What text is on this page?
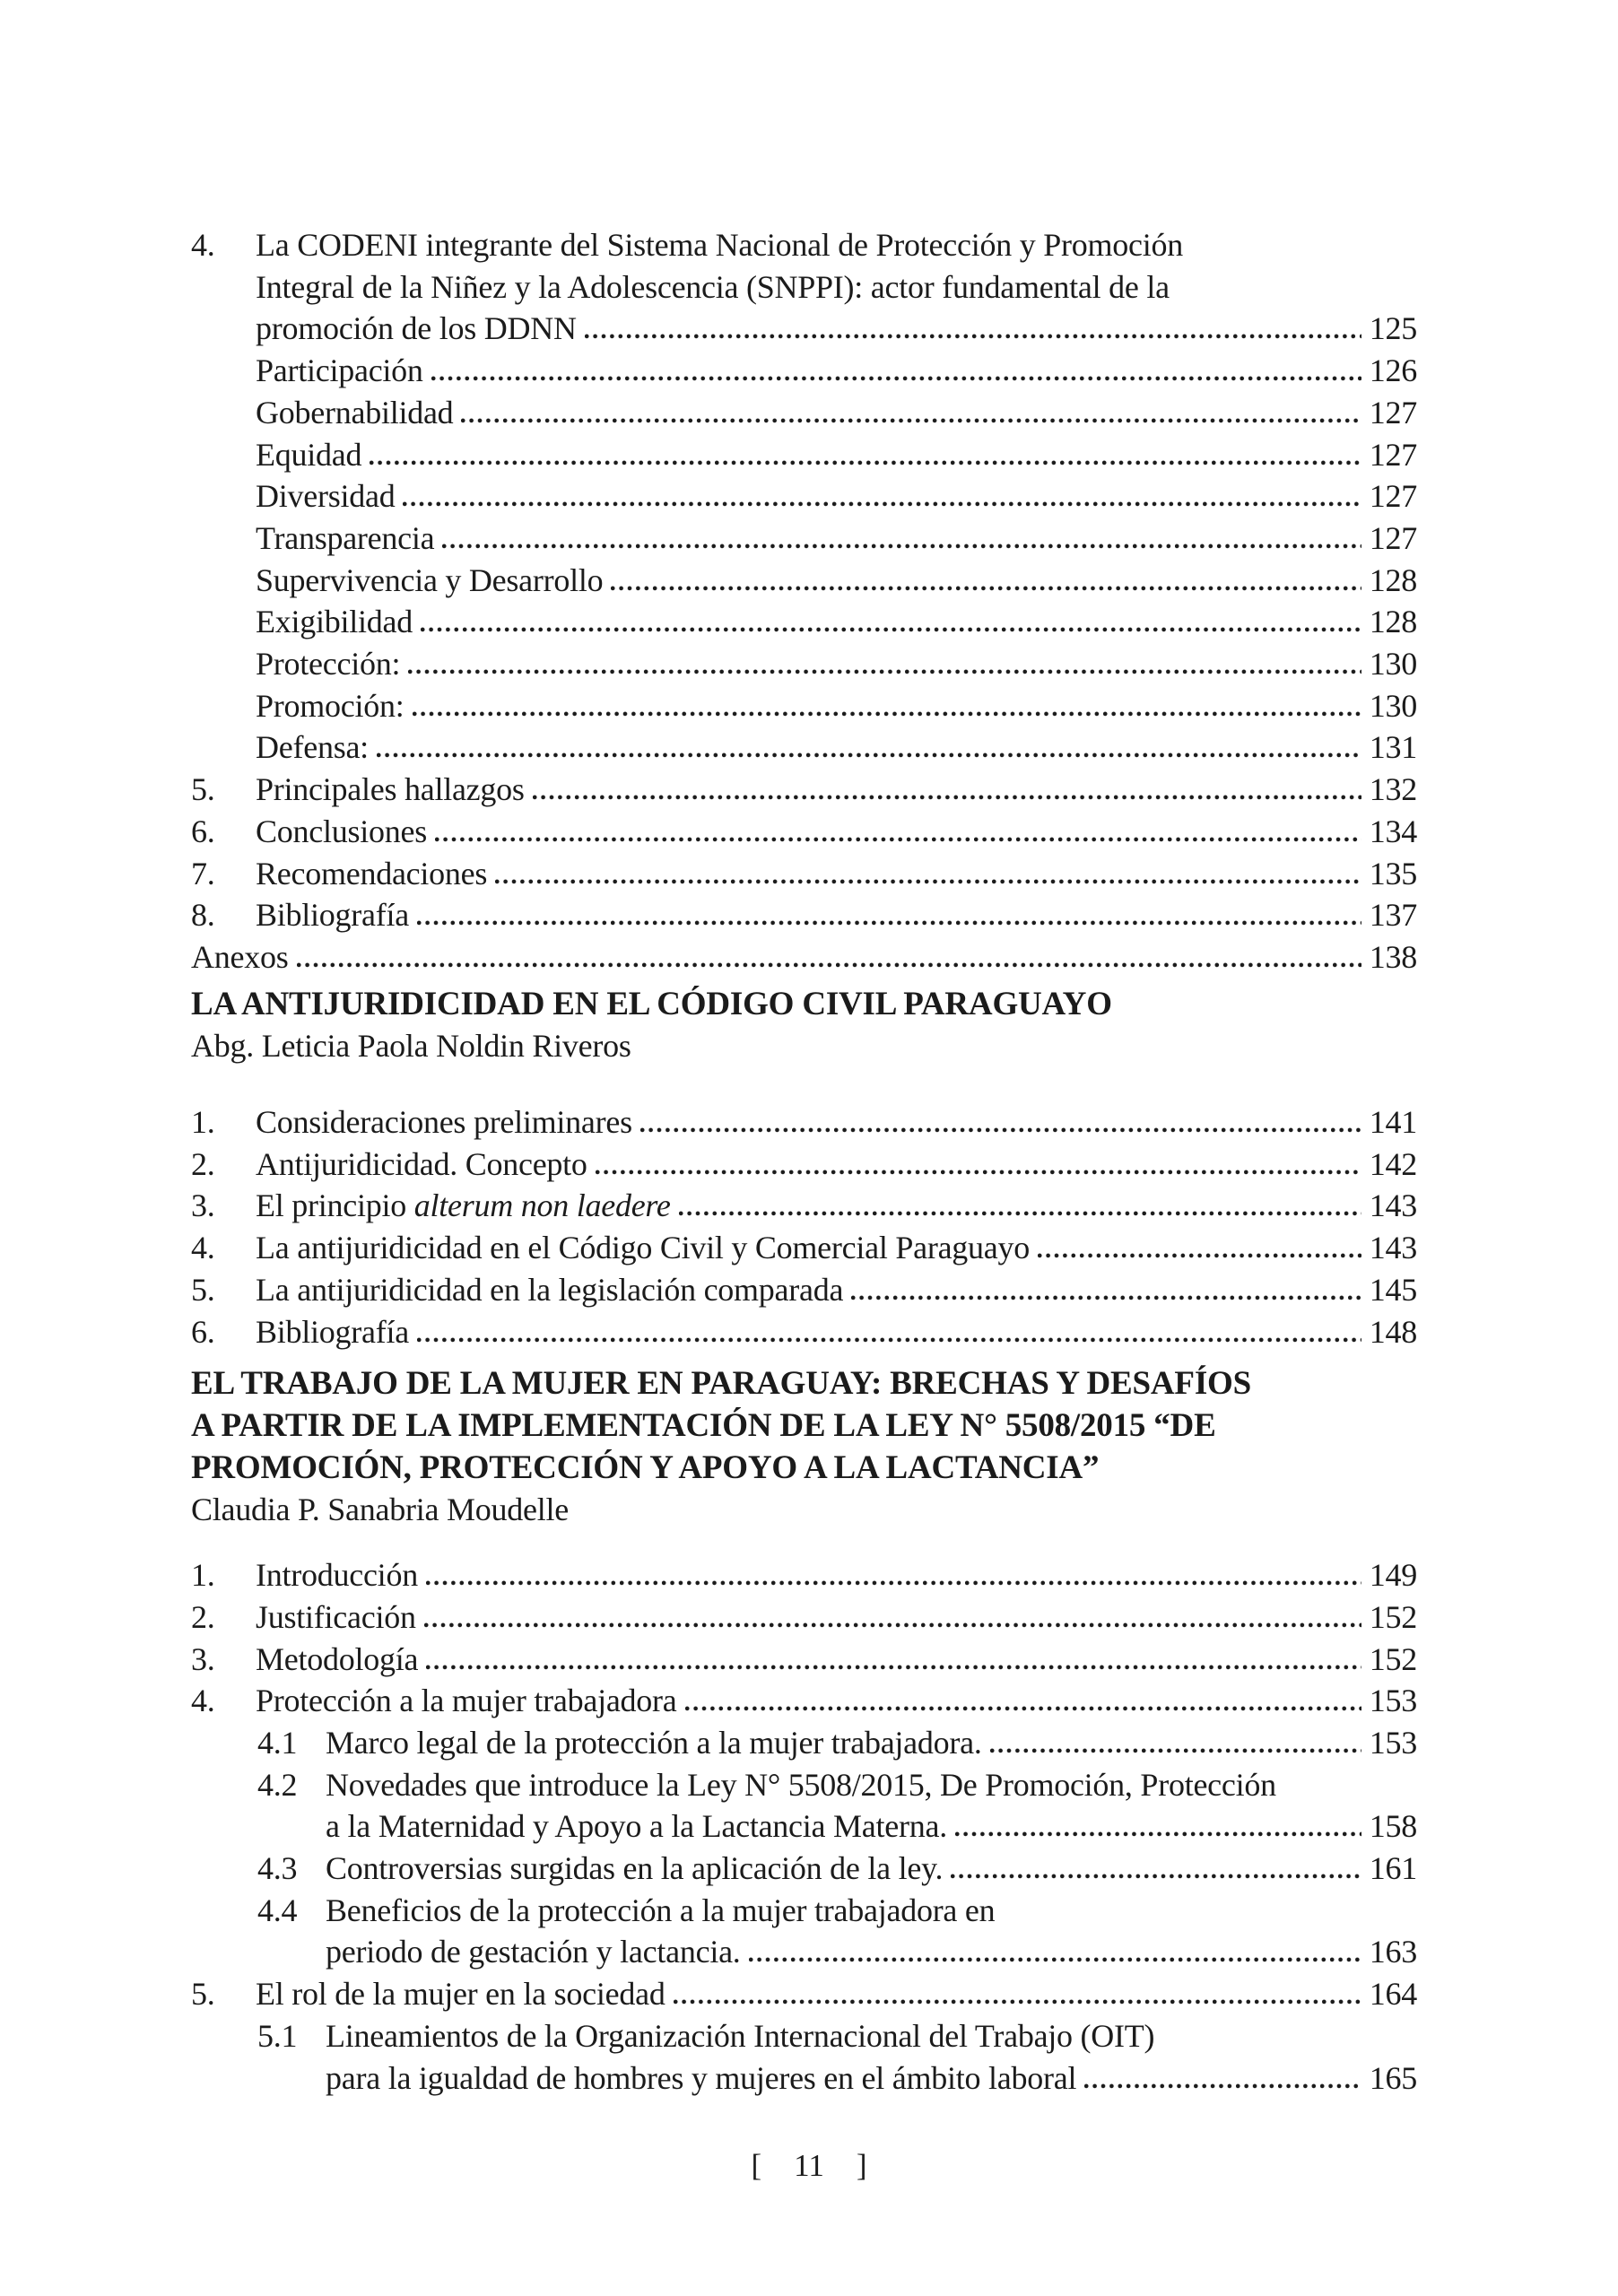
4.	La CODENI integrante del Sistema Nacional de Protección y Promoción
Integral de la Niñez y la Adolescencia (SNPPI): actor fundamental de la
promoción de los DDNN	125
Participación	126
Gobernabilidad	127
Equidad	127
Diversidad	127
Transparencia	127
Supervivencia y Desarrollo	128
Exigibilidad	128
Protección:	130
Promoción:	130
Defensa:	131
5.	Principales hallazgos	132
6.	Conclusiones	134
7.	Recomendaciones	135
8.	Bibliografía	137
Anexos	138
LA ANTIJURIDICIDAD EN EL CÓDIGO CIVIL PARAGUAYO
Abg. Leticia Paola Noldin Riveros
1.	Consideraciones preliminares	141
2.	Antijuridicidad. Concepto	142
3.	El principio alterum non laedere	143
4.	La antijuridicidad en el Código Civil y Comercial Paraguayo	143
5.	La antijuridicidad en la legislación comparada	145
6.	Bibliografía	148
EL TRABAJO DE LA MUJER EN PARAGUAY: BRECHAS Y DESAFÍOS
A PARTIR DE LA IMPLEMENTACIÓN DE LA LEY N° 5508/2015 “DE
PROMOCIÓN, PROTECCIÓN Y APOYO A LA LACTANCIA”
Claudia P. Sanabria Moudelle
1.	Introducción	149
2.	Justificación	152
3.	Metodología	152
4.	Protección a la mujer trabajadora	153
4.1 Marco legal de la protección a la mujer trabajadora.	153
4.2 Novedades que introduce la Ley N° 5508/2015, De Promoción, Protección
a la Maternidad y Apoyo a la Lactancia Materna.	158
4.3 Controversias surgidas en la aplicación de la ley.	161
4.4 Beneficios de la protección a la mujer trabajadora en
periodo de gestación y lactancia.	163
5.	El rol de la mujer en la sociedad	164
5.1 Lineamientos de la Organización Internacional del Trabajo (OIT)
para la igualdad de hombres y mujeres en el ámbito laboral	165
[ 11 ]
